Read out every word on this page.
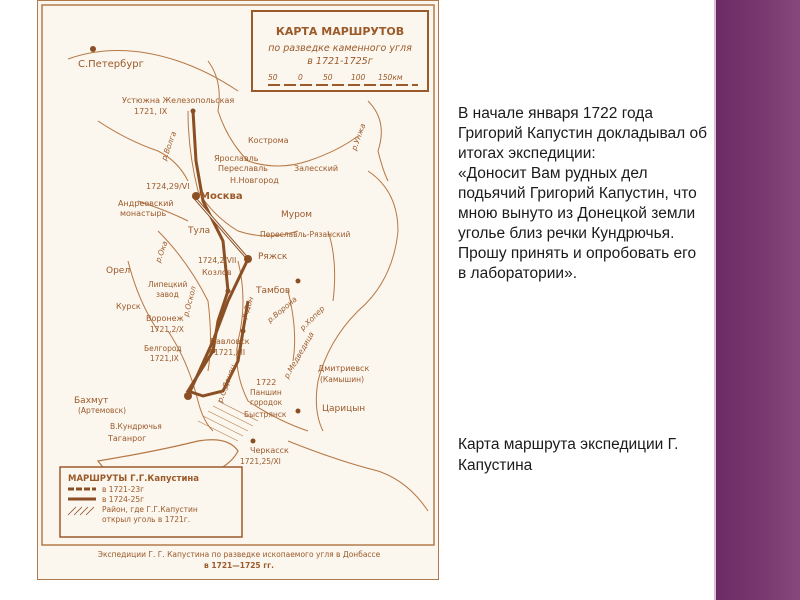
КАРТА МАРШРУТОВ
по разведке каменного угля
в 1721-1725г
50	0	50 100 150км
С.Петербург
Устюжна Железопольская
1721, IX
Кострома
Ярославль
Переславль	Залесский
Н.Новгород
1724,29/VI
Москва
Андреевский
монастырь	Муром
Переславль-Рязанский
Тула
Ряжск
1724,2/VII
Козлов
Орел
Липецкий
завод	Тамбов
Курск
Воронеж
1721,2/X
Белгород
1721,IX
Павловск
1721,XII
Бахмут
(Артемовск)
Паншин
городок
Быстрянск
1722
Дмитриевск
(Камышин)
Царицын
В.Кундрючья
Таганрог
Черкасск
1721,25/XI
р.Волга	р.Унжа
р.Ока
р.Дон
р.Медведица
р.Хопер
р.Ворона
р.Оскол
р.С.Донец
МАРШРУТЫ Г.Г.Капустина
в 1721-23г
в 1724-25г
Район, где Г.Г.Капустин
открыл уголь в 1721г.
Экспедиции Г. Г. Капустина по разведке ископаемого угля в Донбассе
в 1721—1725 гг.

В начале января 1722 года Григорий Капустин докладывал об итогах экспедиции:

«Доносит Вам рудных дел подьячий Григорий Капустин, что мною вынуто из Донецкой земли уголье близ речки Кундрючья. Прошу принять и опробовать его в лаборатории».

Карта маршрута экспедиции Г. Капустина
